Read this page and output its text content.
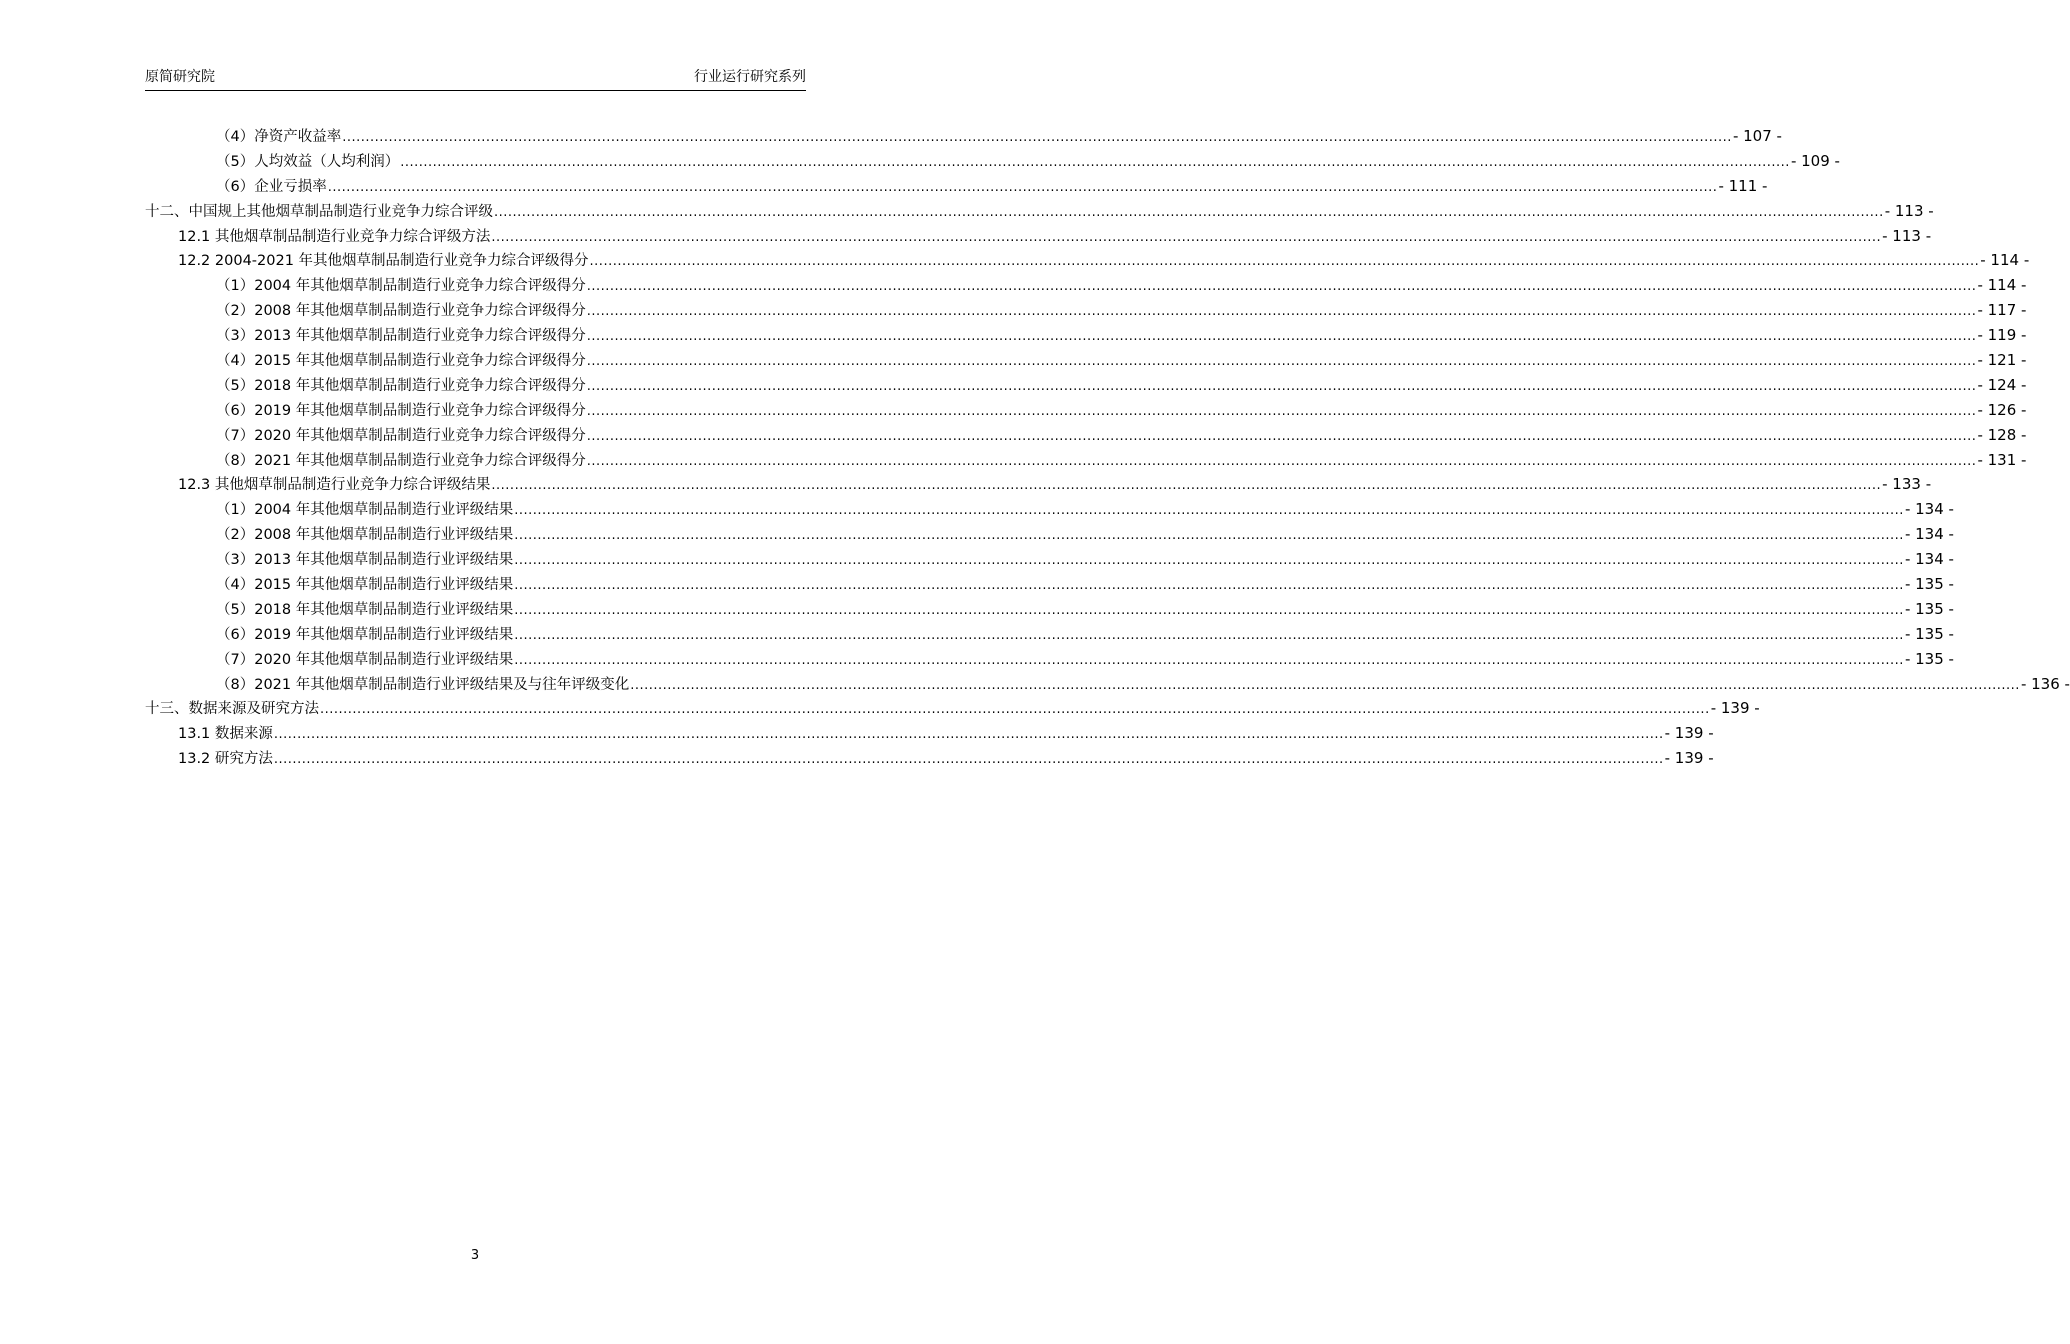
原简研究院	行业运行研究系列
（4）净资产收益率 ............................................................................................................................................................................................................................................................................................................ - 107 -
（5）人均效益（人均利润） ............................................................................................................................................................................................................................................................................................................ - 109 -
（6）企业亏损率 ............................................................................................................................................................................................................................................................................................................ - 111 -
十二、中国规上其他烟草制品制造行业竞争力综合评级 ............................................................................................................................................................................................................................................................................................................ - 113 -
12.1 其他烟草制品制造行业竞争力综合评级方法 ............................................................................................................................................................................................................................................................................................................ - 113 -
12.2 2004-2021 年其他烟草制品制造行业竞争力综合评级得分 ............................................................................................................................................................................................................................................................................................................ - 114 -
（1）2004 年其他烟草制品制造行业竞争力综合评级得分 ............................................................................................................................................................................................................................................................................................................ - 114 -
（2）2008 年其他烟草制品制造行业竞争力综合评级得分 ............................................................................................................................................................................................................................................................................................................ - 117 -
（3）2013 年其他烟草制品制造行业竞争力综合评级得分 ............................................................................................................................................................................................................................................................................................................ - 119 -
（4）2015 年其他烟草制品制造行业竞争力综合评级得分 ............................................................................................................................................................................................................................................................................................................ - 121 -
（5）2018 年其他烟草制品制造行业竞争力综合评级得分 ............................................................................................................................................................................................................................................................................................................ - 124 -
（6）2019 年其他烟草制品制造行业竞争力综合评级得分 ............................................................................................................................................................................................................................................................................................................ - 126 -
（7）2020 年其他烟草制品制造行业竞争力综合评级得分 ............................................................................................................................................................................................................................................................................................................ - 128 -
（8）2021 年其他烟草制品制造行业竞争力综合评级得分 ............................................................................................................................................................................................................................................................................................................ - 131 -
12.3 其他烟草制品制造行业竞争力综合评级结果 ............................................................................................................................................................................................................................................................................................................ - 133 -
（1）2004 年其他烟草制品制造行业评级结果 ............................................................................................................................................................................................................................................................................................................ - 134 -
（2）2008 年其他烟草制品制造行业评级结果 ............................................................................................................................................................................................................................................................................................................ - 134 -
（3）2013 年其他烟草制品制造行业评级结果 ............................................................................................................................................................................................................................................................................................................ - 134 -
（4）2015 年其他烟草制品制造行业评级结果 ............................................................................................................................................................................................................................................................................................................ - 135 -
（5）2018 年其他烟草制品制造行业评级结果 ............................................................................................................................................................................................................................................................................................................ - 135 -
（6）2019 年其他烟草制品制造行业评级结果 ............................................................................................................................................................................................................................................................................................................ - 135 -
（7）2020 年其他烟草制品制造行业评级结果 ............................................................................................................................................................................................................................................................................................................ - 135 -
（8）2021 年其他烟草制品制造行业评级结果及与往年评级变化 ............................................................................................................................................................................................................................................................................................................ - 136 -
十三、数据来源及研究方法 ............................................................................................................................................................................................................................................................................................................ - 139 -
13.1 数据来源 ............................................................................................................................................................................................................................................................................................................ - 139 -
13.2 研究方法 ............................................................................................................................................................................................................................................................................................................ - 139 -
3
